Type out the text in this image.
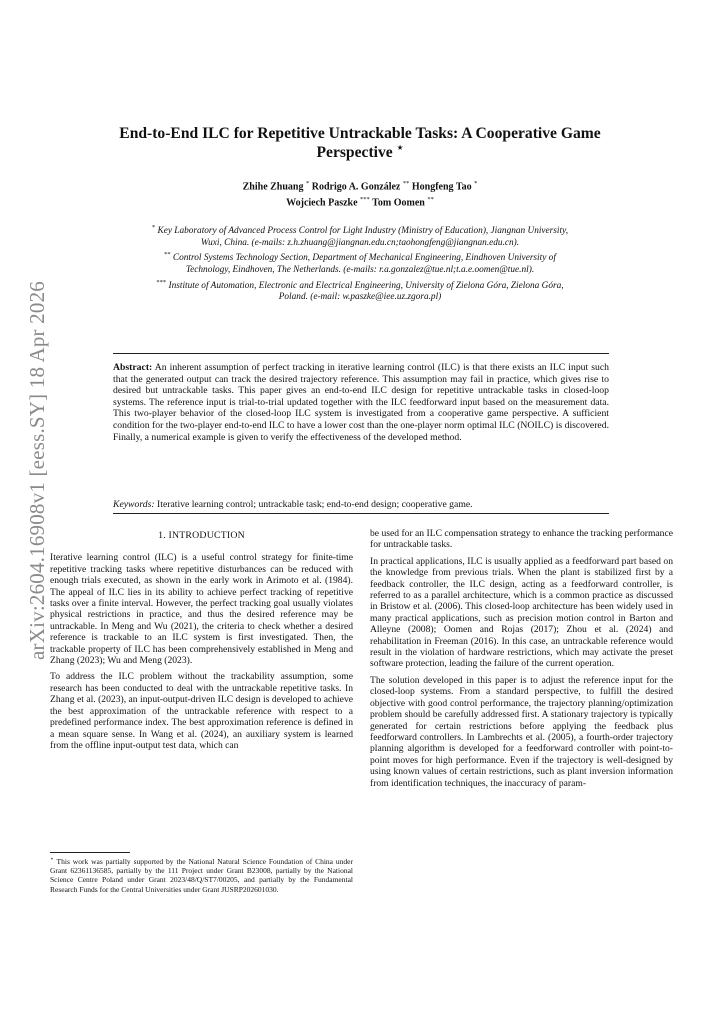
arXiv:2604.16908v1 [eess.SY] 18 Apr 2026
End-to-End ILC for Repetitive Untrackable Tasks: A Cooperative Game Perspective ⋆
Zhihe Zhuang * Rodrigo A. González ** Hongfeng Tao *
Wojciech Paszke *** Tom Oomen **

* Key Laboratory of Advanced Process Control for Light Industry (Ministry of Education), Jiangnan University, Wuxi, China. (e-mails: z.h.zhuang@jiangnan.edu.cn;taohongfeng@jiangnan.edu.cn).

** Control Systems Technology Section, Department of Mechanical Engineering, Eindhoven University of Technology, Eindhoven, The Netherlands. (e-mails: r.a.gonzalez@tue.nl;t.a.e.oomen@tue.nl).

*** Institute of Automation, Electronic and Electrical Engineering, University of Zielona Góra, Zielona Góra, Poland. (e-mail: w.paszke@iee.uz.zgora.pl)

Abstract: An inherent assumption of perfect tracking in iterative learning control (ILC) is that there exists an ILC input such that the generated output can track the desired trajectory reference. This assumption may fail in practice, which gives rise to desired but untrackable tasks. This paper gives an end-to-end ILC design for repetitive untrackable tasks in closed-loop systems. The reference input is trial-to-trial updated together with the ILC feedforward input based on the measurement data. This two-player behavior of the closed-loop ILC system is investigated from a cooperative game perspective. A sufficient condition for the two-player end-to-end ILC to have a lower cost than the one-player norm optimal ILC (NOILC) is discovered. Finally, a numerical example is given to verify the effectiveness of the developed method.
Keywords: Iterative learning control; untrackable task; end-to-end design; cooperative game.
1. INTRODUCTION

Iterative learning control (ILC) is a useful control strategy for finite-time repetitive tracking tasks where repetitive disturbances can be reduced with enough trials executed, as shown in the early work in Arimoto et al. (1984). The appeal of ILC lies in its ability to achieve perfect tracking of repetitive tasks over a finite interval. However, the perfect tracking goal usually violates physical restrictions in practice, and thus the desired reference may be untrackable. In Meng and Wu (2021), the criteria to check whether a desired reference is trackable to an ILC system is first investigated. Then, the trackable property of ILC has been comprehensively established in Meng and Zhang (2023); Wu and Meng (2023).

To address the ILC problem without the trackability assumption, some research has been conducted to deal with the untrackable repetitive tasks. In Zhang et al. (2023), an input-output-driven ILC design is developed to achieve the best approximation of the untrackable reference with respect to a predefined performance index. The best approximation reference is defined in a mean square sense. In Wang et al. (2024), an auxiliary system is learned from the offline input-output test data, which can

be used for an ILC compensation strategy to enhance the tracking performance for untrackable tasks.

In practical applications, ILC is usually applied as a feedforward part based on the knowledge from previous trials. When the plant is stabilized first by a feedback controller, the ILC design, acting as a feedforward controller, is referred to as a parallel architecture, which is a common practice as discussed in Bristow et al. (2006). This closed-loop architecture has been widely used in many practical applications, such as precision motion control in Barton and Alleyne (2008); Oomen and Rojas (2017); Zhou et al. (2024) and rehabilitation in Freeman (2016). In this case, an untrackable reference would result in the violation of hardware restrictions, which may activate the preset software protection, leading the failure of the current operation.

The solution developed in this paper is to adjust the reference input for the closed-loop systems. From a standard perspective, to fulfill the desired objective with good control performance, the trajectory planning/optimization problem should be carefully addressed first. A stationary trajectory is typically generated for certain restrictions before applying the feedback plus feedforward controllers. In Lambrechts et al. (2005), a fourth-order trajectory planning algorithm is developed for a feedforward controller with point-to-point moves for high performance. Even if the trajectory is well-designed by using known values of certain restrictions, such as plant inversion information from identification techniques, the inaccuracy of param-

⋆ This work was partially supported by the National Natural Science Foundation of China under Grant 62361136585, partially by the 111 Project under Grant B23008, partially by the National Science Centre Poland under Grant 2023/48/Q/ST7/00205, and partially by the Fundamental Research Funds for the Central Universities under Grant JUSRP202601030.
